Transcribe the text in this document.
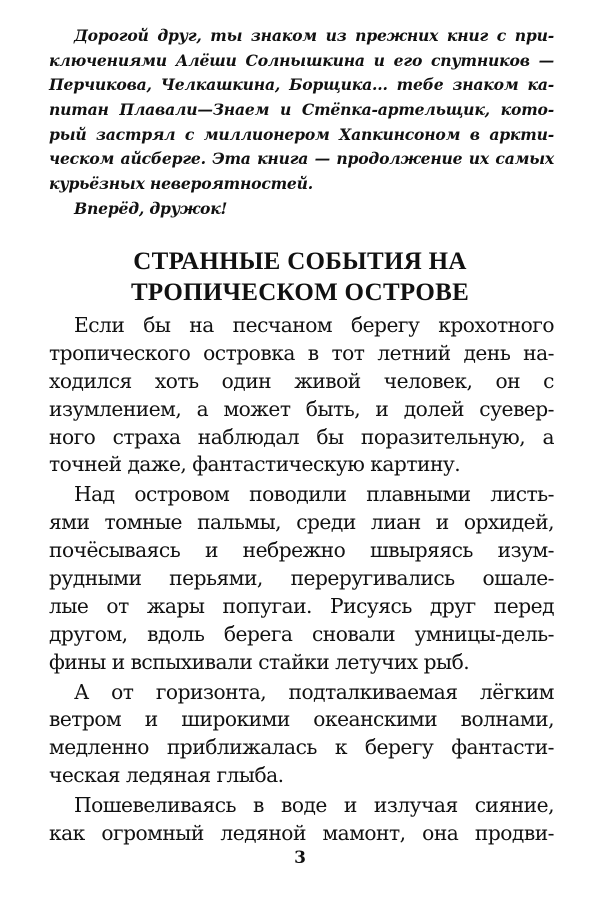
Дорогой друг, ты знаком из прежних книг с при-
ключениями Алёши Солнышкина и его спутников —
Перчикова, Челкашкина, Борщика... тебе знаком ка-
питан Плавали—Знаем и Стёпка-артельщик, кото-
рый застрял с миллионером Хапкинсоном в аркти-
ческом айсберге. Эта книга — продолжение их самых
курьёзных невероятностей.
Вперёд, дружок!
СТРАННЫЕ СОБЫТИЯ НА
ТРОПИЧЕСКОМ ОСТРОВЕ
Если бы на песчаном берегу крохотного
тропического островка в тот летний день на-
ходился хоть один живой человек, он с
изумлением, а может быть, и долей суевер-
ного страха наблюдал бы поразительную, а
точней даже, фантастическую картину.
Над островом поводили плавными листь-
ями томные пальмы, среди лиан и орхидей,
почёсываясь и небрежно швыряясь изум-
рудными перьями, переругивались ошале-
лые от жары попугаи. Рисуясь друг перед
другом, вдоль берега сновали умницы-дель-
фины и вспыхивали стайки летучих рыб.
А от горизонта, подталкиваемая лёгким
ветром и широкими океанскими волнами,
медленно приближалась к берегу фантасти-
ческая ледяная глыба.
Пошевеливаясь в воде и излучая сияние,
как огромный ледяной мамонт, она продви-
3
